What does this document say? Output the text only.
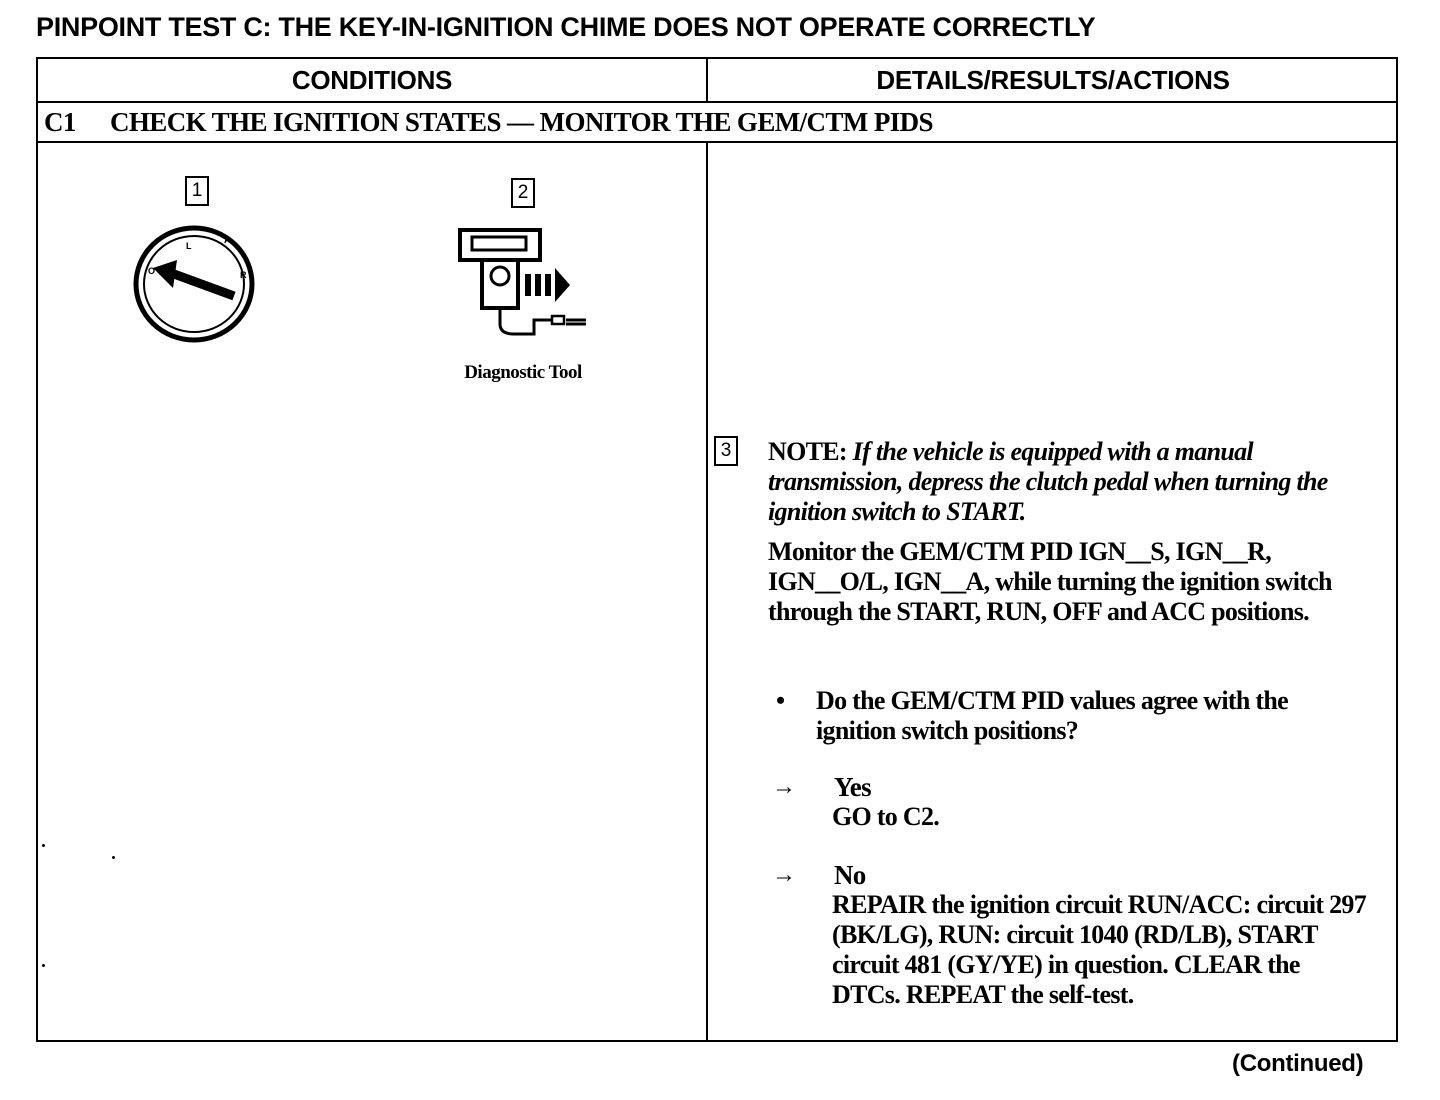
PINPOINT TEST C: THE KEY-IN-IGNITION CHIME DOES NOT OPERATE CORRECTLY
CONDITIONS	DETAILS/RESULTS/ACTIONS
C1 CHECK THE IGNITION STATES — MONITOR THE GEM/CTM PIDS
1
O
L
A
R
2
Diagnostic Tool
3 NOTE: If the vehicle is equipped with a manual transmission, depress the clutch pedal when turning the ignition switch to START.

Monitor the GEM/CTM PID IGN__S, IGN__R, IGN__O/L, IGN__A, while turning the ignition switch through the START, RUN, OFF and ACC positions.

• Do the GEM/CTM PID values agree with the ignition switch positions?
→ Yes
GO to C2.
→ No
REPAIR the ignition circuit RUN/ACC: circuit 297 (BK/LG), RUN: circuit 1040 (RD/LB), START circuit 481 (GY/YE) in question. CLEAR the DTCs. REPEAT the self-test.
(Continued)
